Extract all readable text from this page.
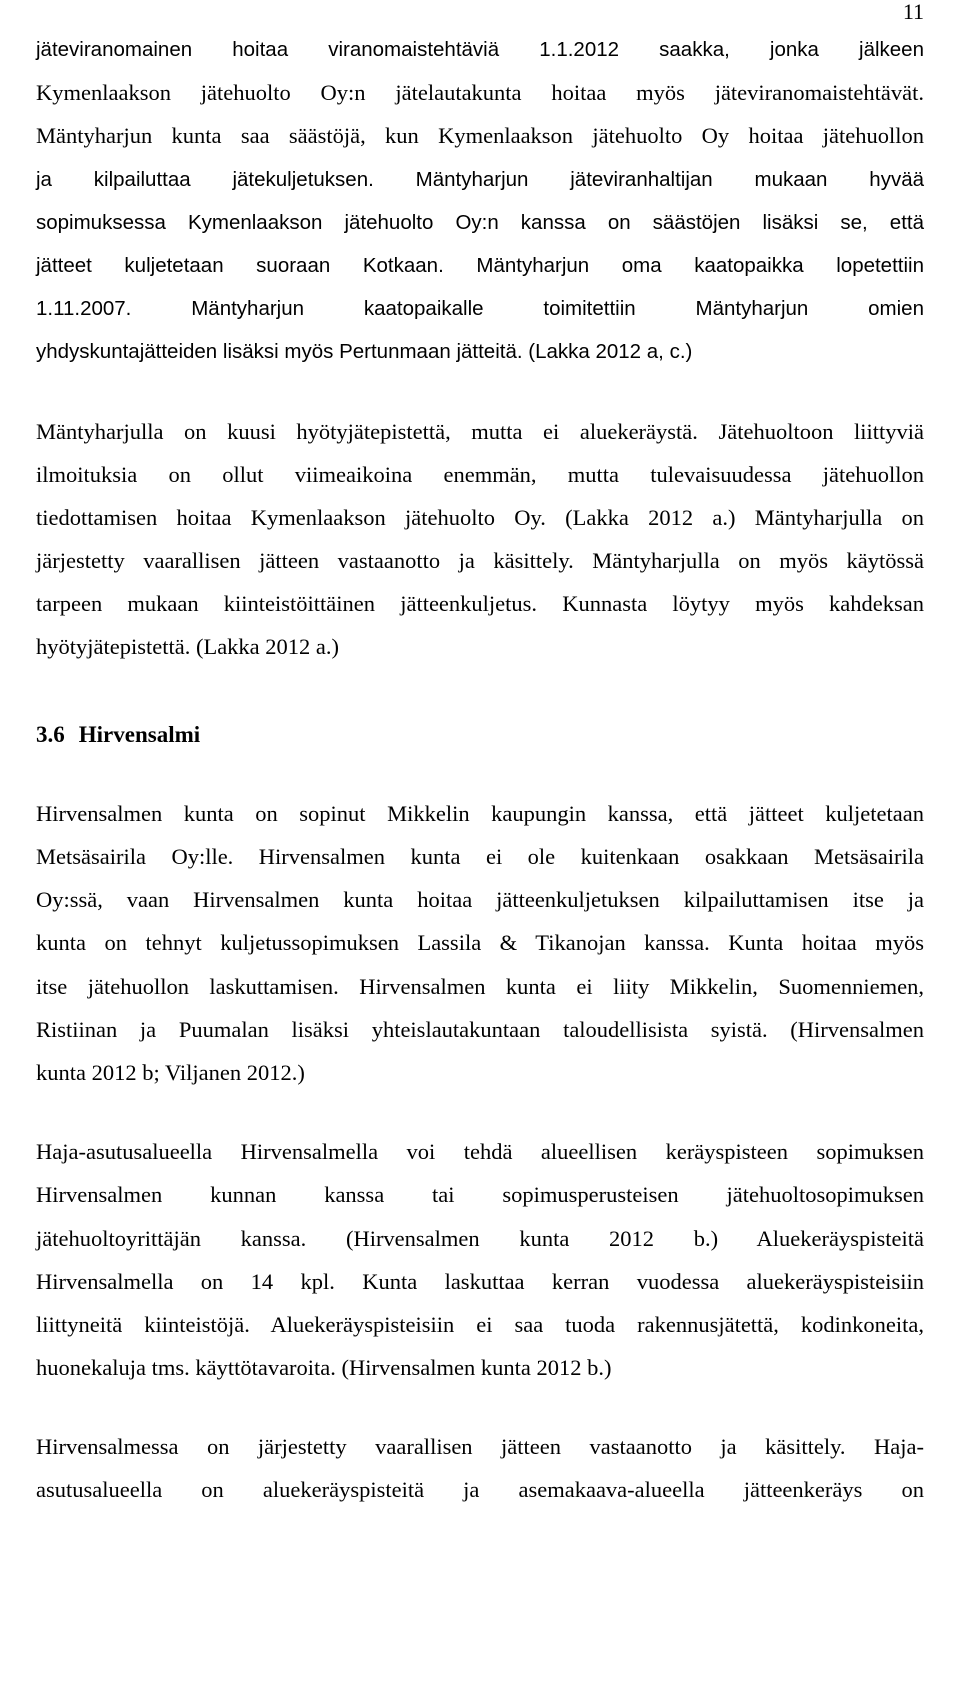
11
jäteviranomainen hoitaa viranomaistehtäviä 1.1.2012 saakka, jonka jälkeen
Kymenlaakson jätehuolto Oy:n jätelautakunta hoitaa myös jäteviranomaistehtävät.
Mäntyharjun kunta saa säästöjä, kun Kymenlaakson jätehuolto Oy hoitaa jätehuollon
ja kilpailuttaa jätekuljetuksen. Mäntyharjun jäteviranhaltijan mukaan hyvää
sopimuksessa Kymenlaakson jätehuolto Oy:n kanssa on säästöjen lisäksi se, että
jätteet kuljetetaan suoraan Kotkaan. Mäntyharjun oma kaatopaikka lopetettiin
1.11.2007. Mäntyharjun kaatopaikalle toimitettiin Mäntyharjun omien
yhdyskuntajätteiden lisäksi myös Pertunmaan jätteitä. (Lakka 2012 a, c.)
Mäntyharjulla on kuusi hyötyjätepistettä, mutta ei aluekeräystä. Jätehuoltoon liittyviä
ilmoituksia on ollut viimeaikoina enemmän, mutta tulevaisuudessa jätehuollon
tiedottamisen hoitaa Kymenlaakson jätehuolto Oy. (Lakka 2012 a.) Mäntyharjulla on
järjestetty vaarallisen jätteen vastaanotto ja käsittely. Mäntyharjulla on myös käytössä
tarpeen mukaan kiinteistöittäinen jätteenkuljetus. Kunnasta löytyy myös kahdeksan
hyötyjätepistettä. (Lakka 2012 a.)
3.6 Hirvensalmi
Hirvensalmen kunta on sopinut Mikkelin kaupungin kanssa, että jätteet kuljetetaan
Metsäsairila Oy:lle. Hirvensalmen kunta ei ole kuitenkaan osakkaan Metsäsairila
Oy:ssä, vaan Hirvensalmen kunta hoitaa jätteenkuljetuksen kilpailuttamisen itse ja
kunta on tehnyt kuljetussopimuksen Lassila & Tikanojan kanssa. Kunta hoitaa myös
itse jätehuollon laskuttamisen. Hirvensalmen kunta ei liity Mikkelin, Suomenniemen,
Ristiinan ja Puumalan lisäksi yhteislautakuntaan taloudellisista syistä. (Hirvensalmen
kunta 2012 b; Viljanen 2012.)
Haja-asutusalueella Hirvensalmella voi tehdä alueellisen keräyspisteen sopimuksen
Hirvensalmen kunnan kanssa tai sopimusperusteisen jätehuoltosopimuksen
jätehuoltoyrittäjän kanssa. (Hirvensalmen kunta 2012 b.) Aluekeräyspisteitä
Hirvensalmella on 14 kpl. Kunta laskuttaa kerran vuodessa aluekeräyspisteisiin
liittyneitä kiinteistöjä. Aluekeräyspisteisiin ei saa tuoda rakennusjätettä, kodinkoneita,
huonekaluja tms. käyttötavaroita. (Hirvensalmen kunta 2012 b.)
Hirvensalmessa on järjestetty vaarallisen jätteen vastaanotto ja käsittely. Haja-
asutusalueella on aluekeräyspisteitä ja asemakaava-alueella jätteenkeräys on
